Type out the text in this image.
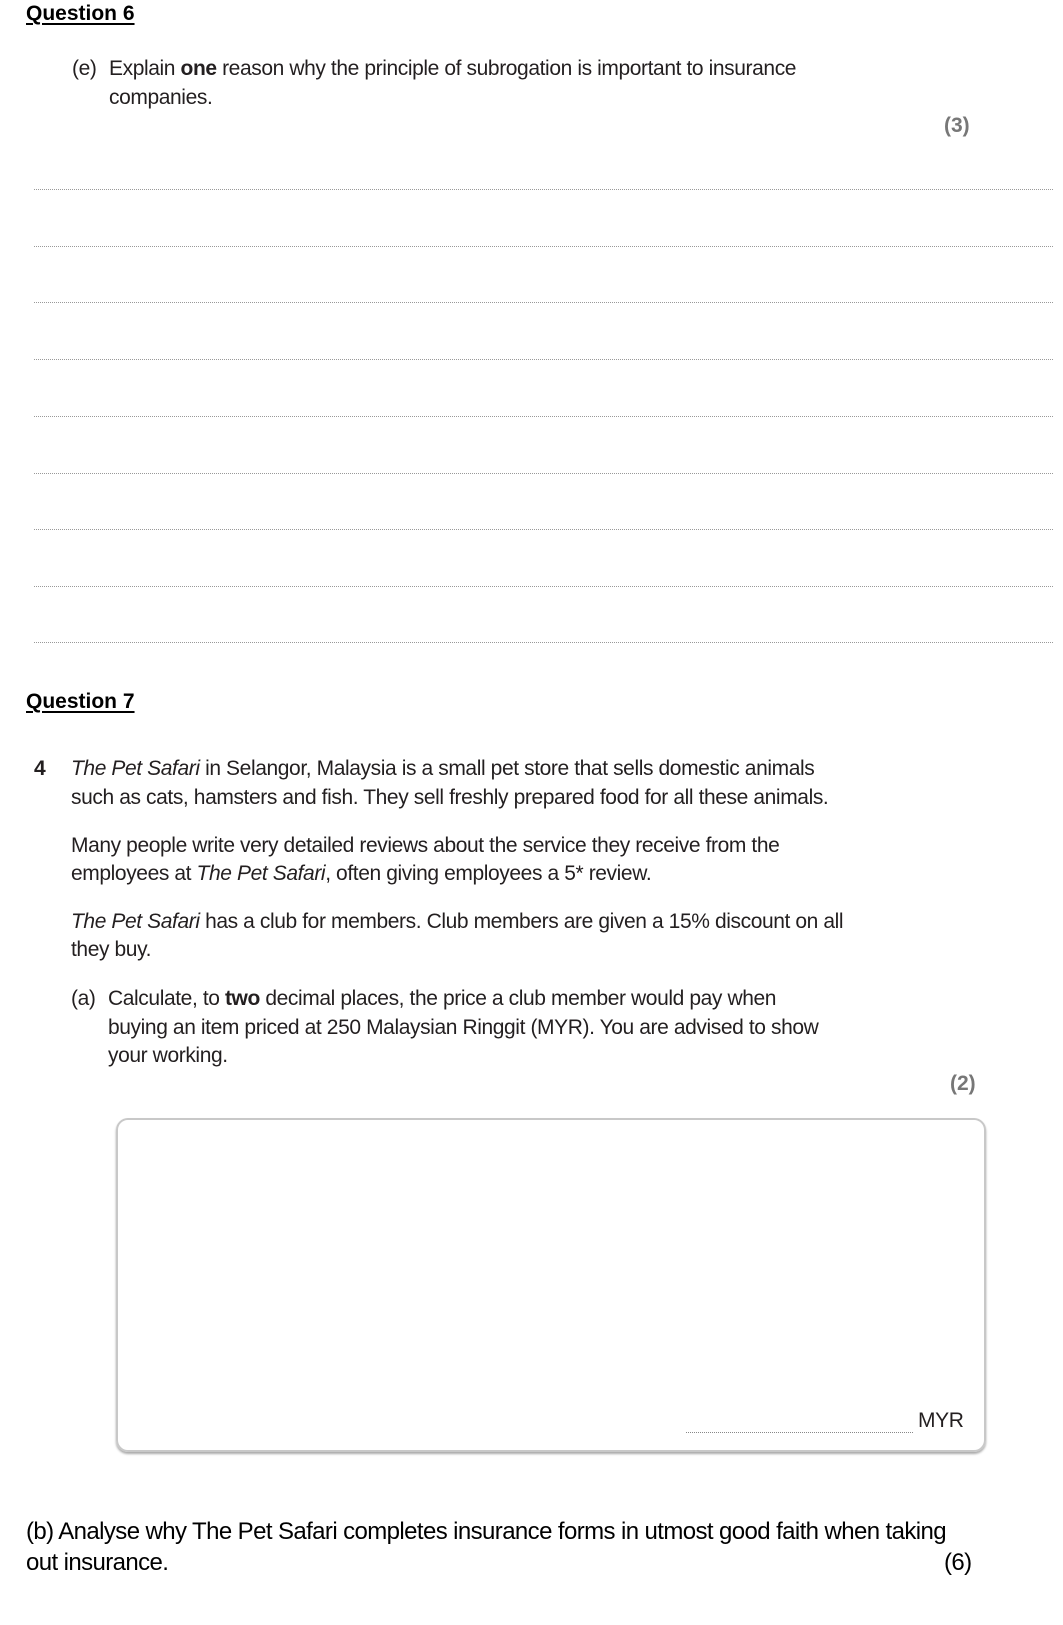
Question 6
(e) Explain one reason why the principle of subrogation is important to insurance
companies.
(3)
Question 7
4 The Pet Safari in Selangor, Malaysia is a small pet store that sells domestic animals
such as cats, hamsters and fish. They sell freshly prepared food for all these animals.
Many people write very detailed reviews about the service they receive from the
employees at The Pet Safari, often giving employees a 5* review.
The Pet Safari has a club for members. Club members are given a 15% discount on all
they buy.
(a) Calculate, to two decimal places, the price a club member would pay when
buying an item priced at 250 Malaysian Ringgit (MYR). You are advised to show
your working.
(2)
MYR
(b) Analyse why The Pet Safari completes insurance forms in utmost good faith when taking
out insurance.	(6)
